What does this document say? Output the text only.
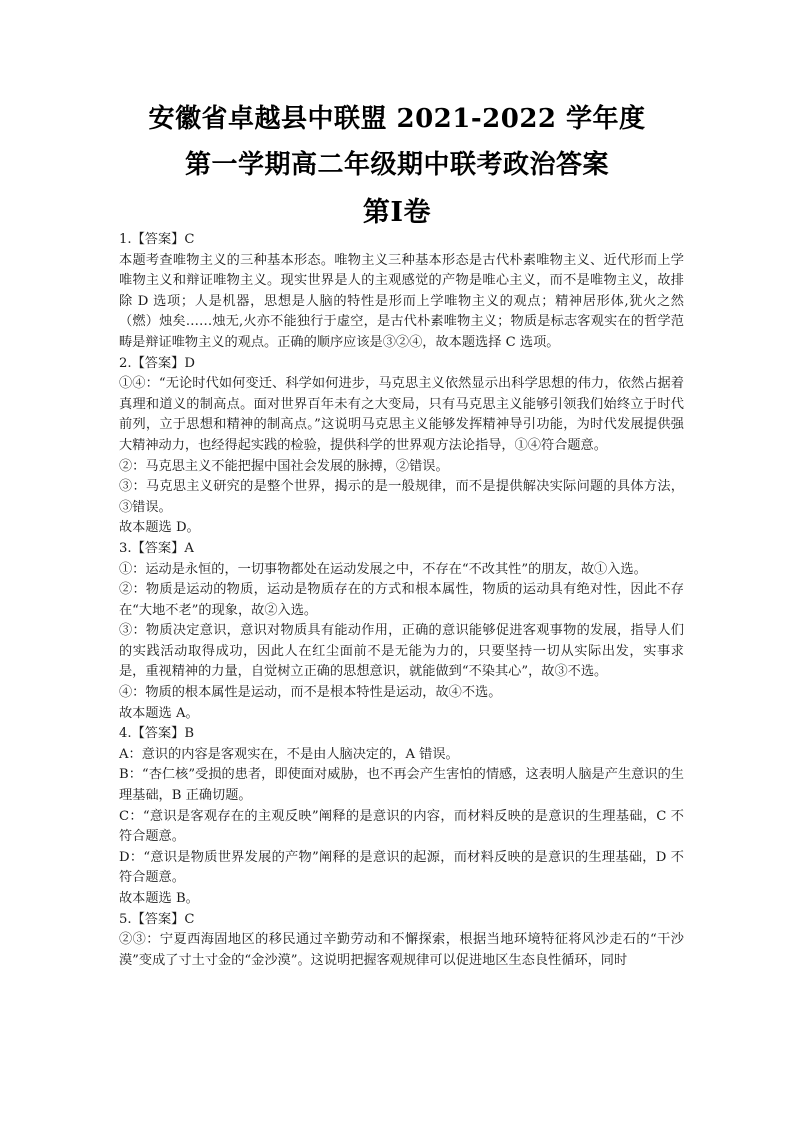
安徽省卓越县中联盟 2021-2022 学年度
第一学期高二年级期中联考政治答案
第Ⅰ卷

1.【答案】C

本题考查唯物主义的三种基本形态。唯物主义三种基本形态是古代朴素唯物主义、近代形而上学唯物主义和辩证唯物主义。现实世界是人的主观感觉的产物是唯心主义，而不是唯物主义，故排除 D 选项；人是机器，思想是人脑的特性是形而上学唯物主义的观点；精神居形体,犹火之然（燃）烛矣……烛无,火亦不能独行于虚空，是古代朴素唯物主义；物质是标志客观实在的哲学范畴是辩证唯物主义的观点。正确的顺序应该是③②④，故本题选择 C 选项。

2.【答案】D

①④：“无论时代如何变迁、科学如何进步，马克思主义依然显示出科学思想的伟力，依然占据着真理和道义的制高点。面对世界百年未有之大变局，只有马克思主义能够引领我们始终立于时代前列，立于思想和精神的制高点。”这说明马克思主义能够发挥精神导引功能，为时代发展提供强大精神动力，也经得起实践的检验，提供科学的世界观方法论指导，①④符合题意。

②：马克思主义不能把握中国社会发展的脉搏，②错误。

③：马克思主义研究的是整个世界，揭示的是一般规律，而不是提供解决实际问题的具体方法，③错误。

故本题选 D。

3.【答案】A

①：运动是永恒的，一切事物都处在运动发展之中，不存在“不改其性”的朋友，故①入选。

②：物质是运动的物质，运动是物质存在的方式和根本属性，物质的运动具有绝对性，因此不存在“大地不老”的现象，故②入选。

③：物质决定意识，意识对物质具有能动作用，正确的意识能够促进客观事物的发展，指导人们的实践活动取得成功，因此人在红尘面前不是无能为力的，只要坚持一切从实际出发，实事求是，重视精神的力量，自觉树立正确的思想意识，就能做到“不染其心”，故③不选。

④：物质的根本属性是运动，而不是根本特性是运动，故④不选。

故本题选 A。

4.【答案】B

A：意识的内容是客观实在，不是由人脑决定的，A 错误。

B：“杏仁核”受损的患者，即使面对威胁，也不再会产生害怕的情感，这表明人脑是产生意识的生理基础，B 正确切题。

C：“意识是客观存在的主观反映”阐释的是意识的内容，而材料反映的是意识的生理基础，C 不符合题意。

D：“意识是物质世界发展的产物”阐释的是意识的起源，而材料反映的是意识的生理基础，D 不符合题意。

故本题选 B。

5.【答案】C

②③：宁夏西海固地区的移民通过辛勤劳动和不懈探索，根据当地环境特征将风沙走石的“干沙漠”变成了寸土寸金的“金沙漠”。这说明把握客观规律可以促进地区生态良性循环，同时
